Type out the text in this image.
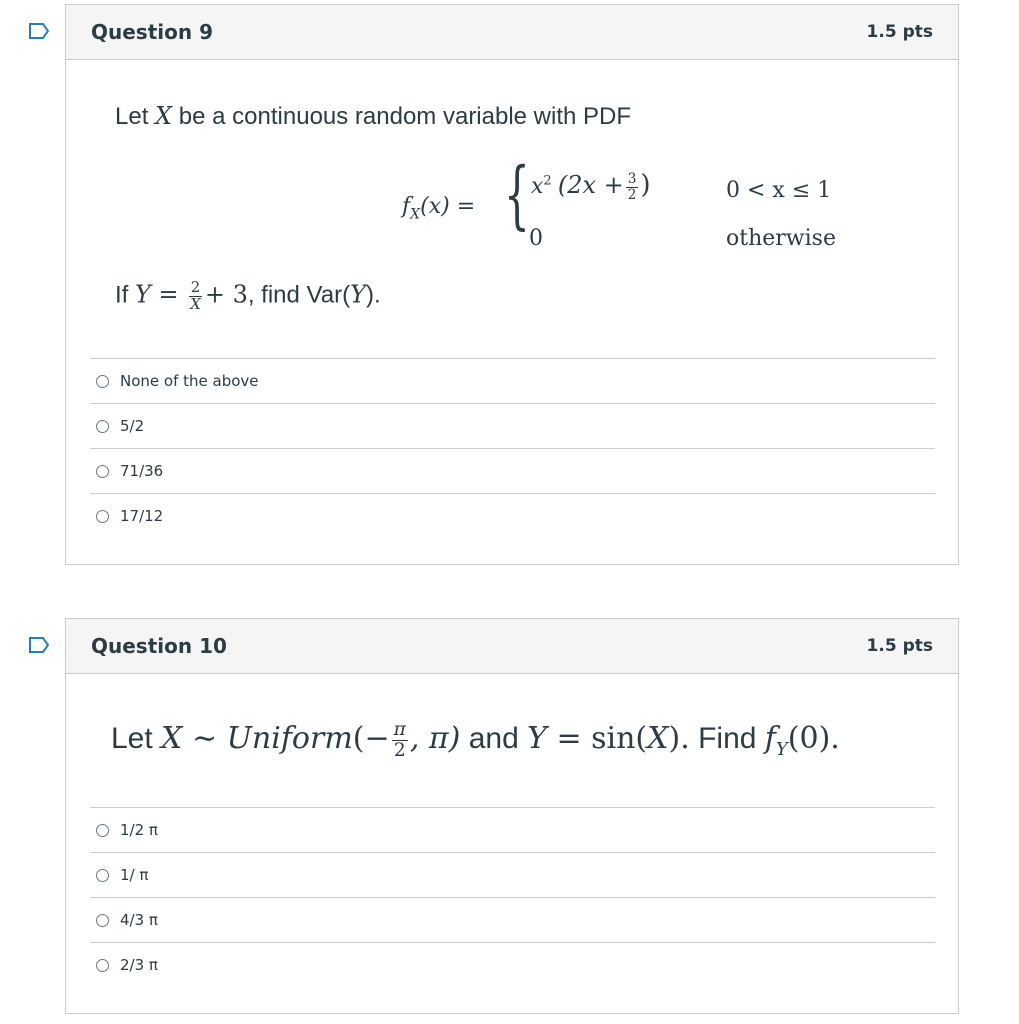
Question 9	1.5 pts
Let X be a continuous random variable with PDF
$f_X(x)$ = { $x^2$ ($2x + \frac{3}{2}$ )	0 < x ≤ 1
0	otherwise
If $Y = \frac{2}{X} + 3$, find Var(Y).
None of the above
5/2
71/36
17/12
Question 10	1.5 pts
Let X ∼ Uniform(− $\frac{\pi}{2}$ , π) and Y = sin(X). Find $f_Y(0)$.
1/2 π
1/ π
4/3 π
2/3 π
